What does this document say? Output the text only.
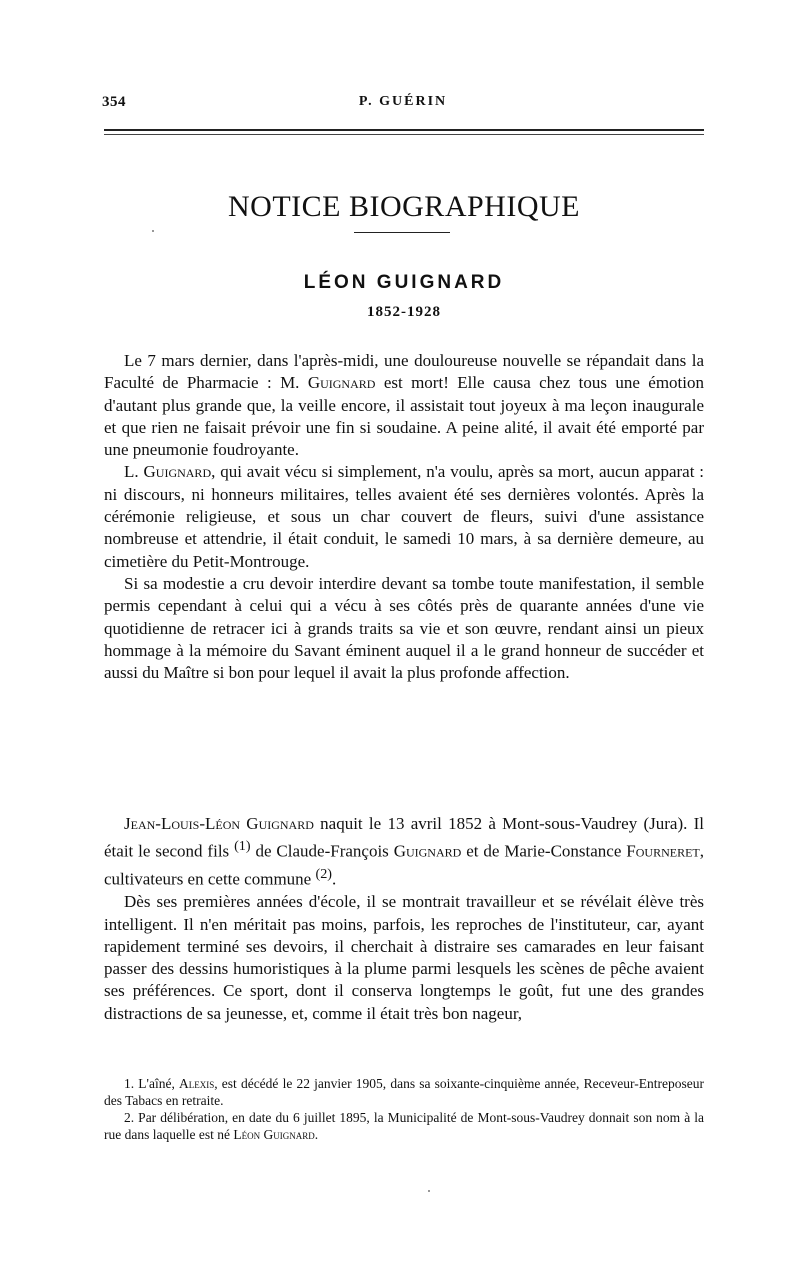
354	P. GUÉRIN
NOTICE BIOGRAPHIQUE
LÉON GUIGNARD
1852-1928

Le 7 mars dernier, dans l'après-midi, une douloureuse nouvelle se répandait dans la Faculté de Pharmacie : M. Guignard est mort! Elle causa chez tous une émotion d'autant plus grande que, la veille encore, il assistait tout joyeux à ma leçon inaugurale et que rien ne faisait prévoir une fin si soudaine. A peine alité, il avait été emporté par une pneumonie foudroyante.

L. Guignard, qui avait vécu si simplement, n'a voulu, après sa mort, aucun apparat : ni discours, ni honneurs militaires, telles avaient été ses dernières volontés. Après la cérémonie religieuse, et sous un char couvert de fleurs, suivi d'une assistance nombreuse et attendrie, il était conduit, le samedi 10 mars, à sa dernière demeure, au cimetière du Petit-Montrouge.

Si sa modestie a cru devoir interdire devant sa tombe toute manifestation, il semble permis cependant à celui qui a vécu à ses côtés près de quarante années d'une vie quotidienne de retracer ici à grands traits sa vie et son œuvre, rendant ainsi un pieux hommage à la mémoire du Savant éminent auquel il a le grand honneur de succéder et aussi du Maître si bon pour lequel il avait la plus profonde affection.

Jean-Louis-Léon Guignard naquit le 13 avril 1852 à Mont-sous-Vaudrey (Jura). Il était le second fils $^{(1)}$ de Claude-François Guignard et de Marie-Constance Fourneret, cultivateurs en cette commune $^{(2)}$.

Dès ses premières années d'école, il se montrait travailleur et se révélait élève très intelligent. Il n'en méritait pas moins, parfois, les reproches de l'instituteur, car, ayant rapidement terminé ses devoirs, il cherchait à distraire ses camarades en leur faisant passer des dessins humoristiques à la plume parmi lesquels les scènes de pêche avaient ses préférences. Ce sport, dont il conserva longtemps le goût, fut une des grandes distractions de sa jeunesse, et, comme il était très bon nageur,

1. L'aîné, Alexis, est décédé le 22 janvier 1905, dans sa soixante-cinquième année, Receveur-Entreposeur des Tabacs en retraite.

2. Par délibération, en date du 6 juillet 1895, la Municipalité de Mont-sous-Vaudrey donnait son nom à la rue dans laquelle est né Léon Guignard.
